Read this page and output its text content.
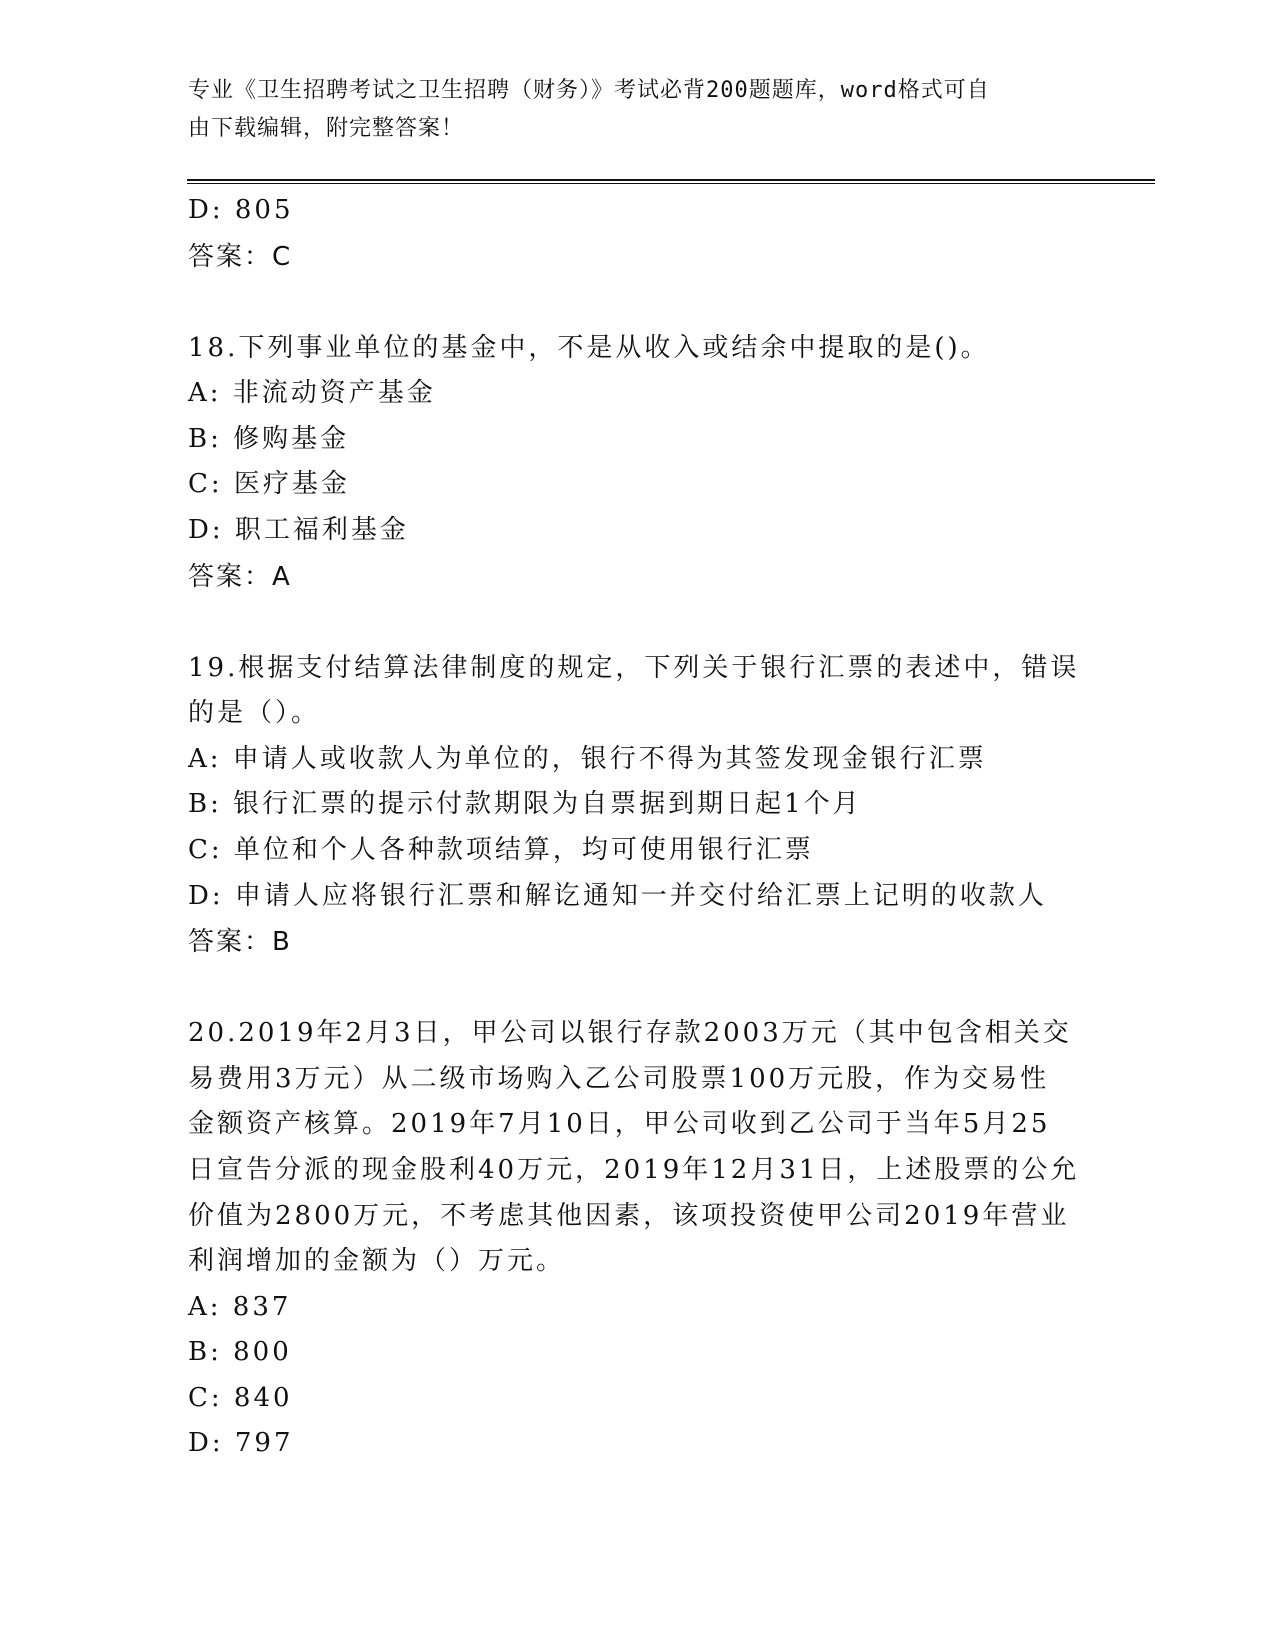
专业《卫生招聘考试之卫生招聘（财务）》考试必背200题题库，word格式可自
由下载编辑，附完整答案！
D: 805
答案：C
18.下列事业单位的基金中，不是从收入或结余中提取的是()。
A: 非流动资产基金
B: 修购基金
C: 医疗基金
D: 职工福利基金
答案：A
19.根据支付结算法律制度的规定，下列关于银行汇票的表述中，错误
的是（）。
A: 申请人或收款人为单位的，银行不得为其签发现金银行汇票
B: 银行汇票的提示付款期限为自票据到期日起1个月
C: 单位和个人各种款项结算，均可使用银行汇票
D: 申请人应将银行汇票和解讫通知一并交付给汇票上记明的收款人
答案：B
20.2019年2月3日，甲公司以银行存款2003万元（其中包含相关交
易费用3万元）从二级市场购入乙公司股票100万元股，作为交易性
金额资产核算。2019年7月10日，甲公司收到乙公司于当年5月25
日宣告分派的现金股利40万元，2019年12月31日，上述股票的公允
价值为2800万元，不考虑其他因素，该项投资使甲公司2019年营业
利润增加的金额为（）万元。
A: 837
B: 800
C: 840
D: 797
